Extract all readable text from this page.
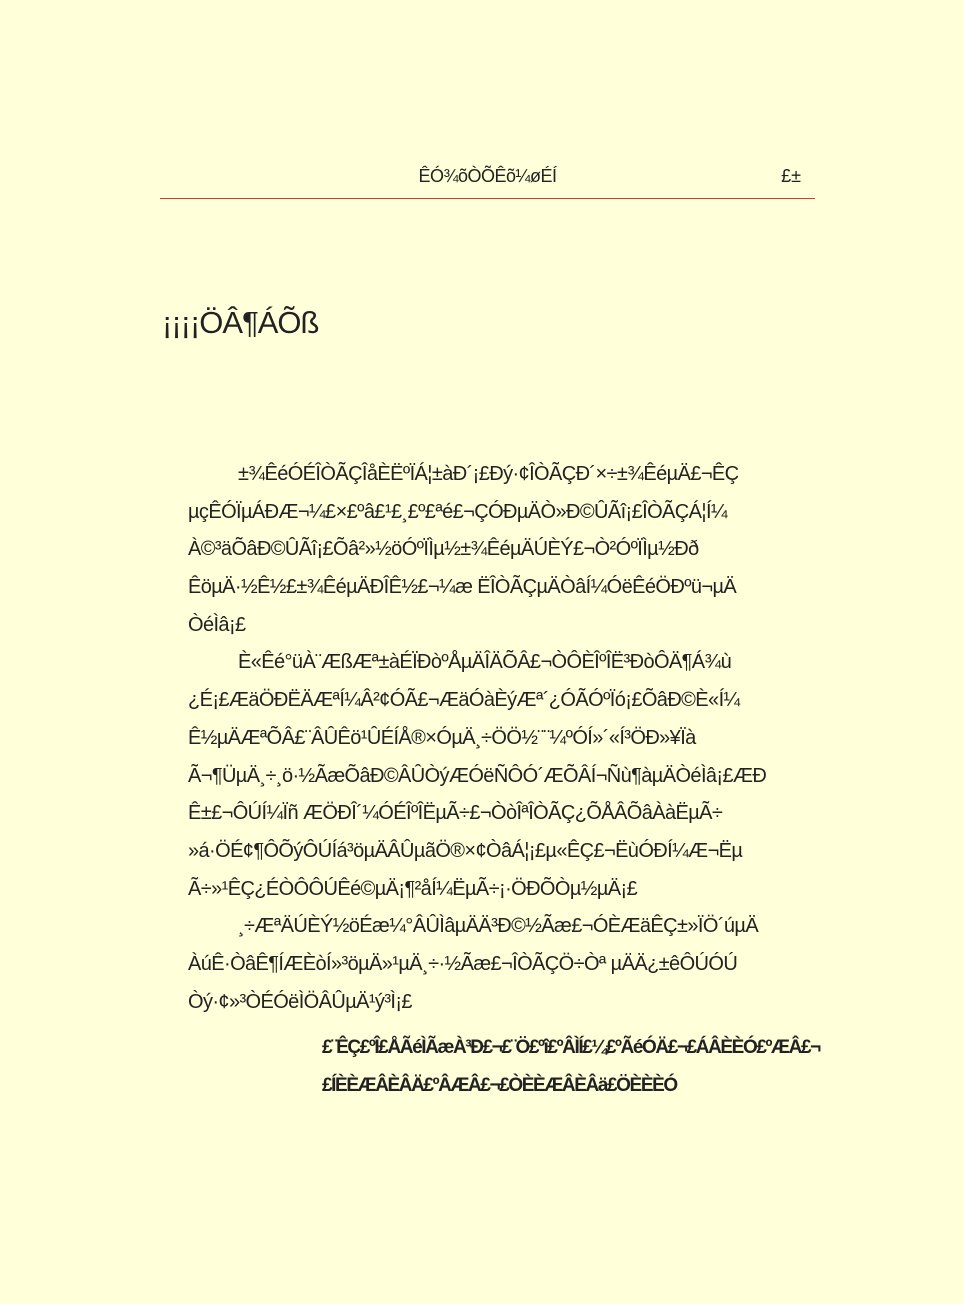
ÊÓ¾õÒÕÊõ¼øÉÍ	£±
¡¡¡¡ÖÂ¶ÁÕß
±¾ÊéÓÉÎÒÃÇÎåÈËºÏÁ¦±àÐ´¡£Ðý·¢ÎÒÃÇÐ´×÷±¾ÊéµÄ£¬ÊÇ
µçÊÓÏµÁÐÆ¬¼£×£ºâ£¹£¸£º£ªé£¬ÇÓÐµÄÒ»Ð©ÛÃî¡£ÎÒÃÇÁ¦Í¼
À©³äÕâÐ©ÛÃî¡£Õâ²»½öÓºÏÌµ½±¾ÊéµÄÚÈÝ£¬Ò²ÓºÏÌµ½Ðð
ÊöµÄ·½Ê½£±¾ÊéµÄÐÎÊ½£¬¼æ ËÎÒÃÇµÄÒâÍ¼ÓëÊéÖÐºü¬µÄ
ÒéÌâ¡£
È«Êé°üÀ¨ÆßÆª±àÉÏÐòºÅµÄÎÄÕÂ£¬ÒÔÈÎºÎË³ÐòÔÄ¶Á¾ù
¿É¡£ÆäÖÐËÄÆªÍ¼Â²¢ÓÃ£¬ÆäÓàÈýÆª´¿ÓÃÓºÏó¡£ÕâÐ©È«Í¼
Ê½µÄÆªÕÂ£¨ÂÛÊö¹ÛÉÍÅ®×ÓµÄ¸÷ÖÖ½¨¨¼ºÓÍ»´«Í³ÖÐ»¥Ïà
Ã¬¶ÜµÄ¸÷¸ö·½ÃæÕâÐ©ÂÛÒýÆÓëÑÔÓ´ÆÕÂÍ¬Ñù¶àµÄÒéÌâ¡£ÆÐ
Ê±£¬ÔÚÍ¼Ïñ ÆÖÐÎ´¼ÓÉÎºÎËµÃ÷£¬ÒòÎªÎÒÃÇ¿ÕÅÂÕâÀàËµÃ÷
»á·ÖÉ¢¶ÔÕýÔÚÍá³öµÄÂÛµãÖ®×¢ÒâÁ¦¡£µ«ÊÇ£¬ËùÓÐÍ¼Æ¬Ëµ
Ã÷»¹ÊÇ¿ÉÒÔÔÚÊé©µÄ¡¶²åÍ¼ËµÃ÷¡·ÖÐÕÒµ½µÄ¡£
¸÷ÆªÄÚÈÝ½öÉæ¼°ÂÛÌâµÄÄ³Ð©½Ãæ£¬ÓÈÆäÊÇ±»ÏÖ´úµÄ
ÀúÊ·ÒâÊ¶ÍÆÈòÍ»³öµÄ»¹µÄ¸÷·½Ãæ£¬ÎÒÃÇÖ÷Òª µÄÄ¿±êÔÚÓÚ
Òý·¢»³ÒÉÓëÌÖÂÛµÄ¹ý³Ì¡£
£¨ÊÇ£ºÎ£ÅÃéÌÃæÀ³Ð£¬£¨Ö£ºî£ºÂÌÍ£¼£ºÃéÓÄ£¬£ÁÂÈÈÓ£ºÆÂ£¬
£ÍÈÈÆÂÈÂÄ£ºÂÆÂ£¬£ÒÈÈÆÂÈÂä£ÖÈÈÈÓ
